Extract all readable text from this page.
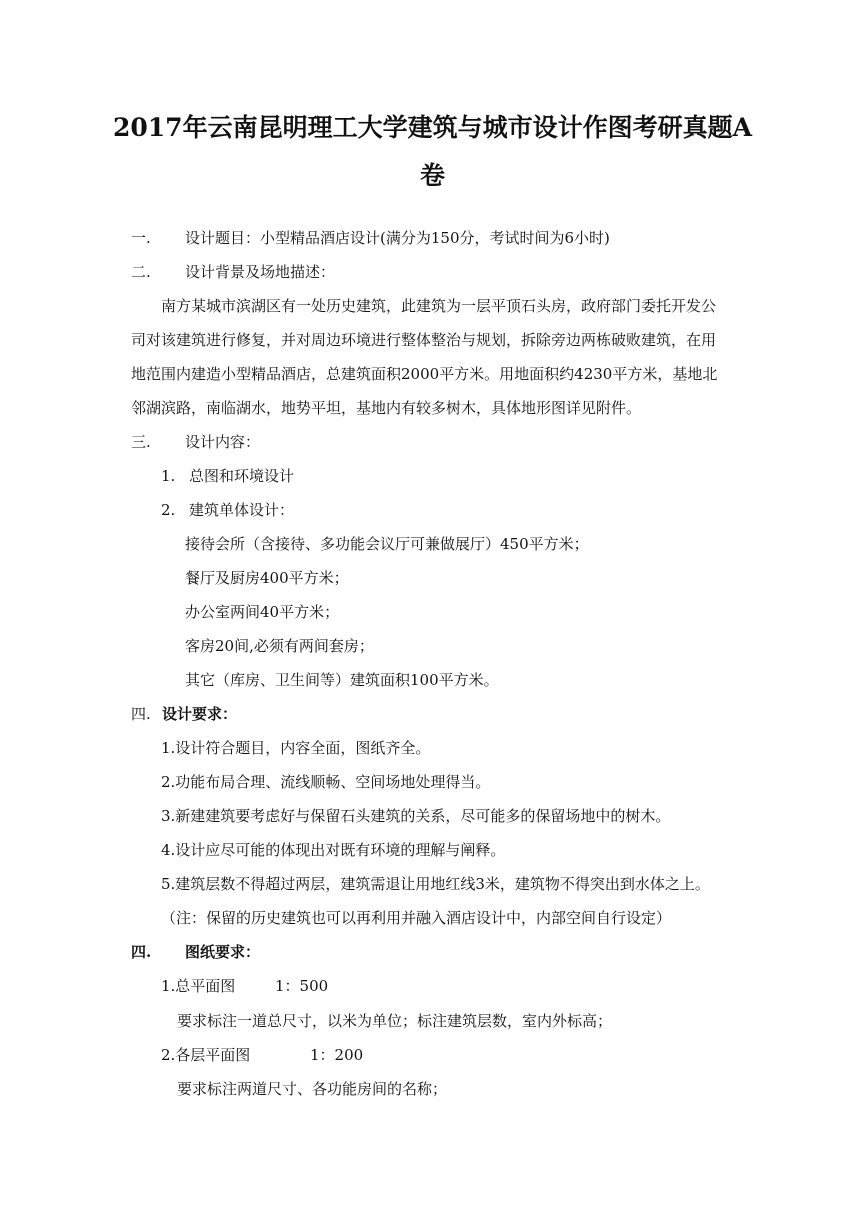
2017年云南昆明理工大学建筑与城市设计作图考研真题A
卷
一. 设计题目：小型精品酒店设计(满分为150分，考试时间为6小时)
二. 设计背景及场地描述：
南方某城市滨湖区有一处历史建筑，此建筑为一层平顶石头房，政府部门委托开发公
司对该建筑进行修复，并对周边环境进行整体整治与规划，拆除旁边两栋破败建筑，在用
地范围内建造小型精品酒店，总建筑面积2000平方米。用地面积约4230平方米，基地北
邻湖滨路，南临湖水，地势平坦，基地内有较多树木，具体地形图详见附件。
三. 设计内容：
1. 总图和环境设计
2. 建筑单体设计：
接待会所（含接待、多功能会议厅可兼做展厅）450平方米；
餐厅及厨房400平方米；
办公室两间40平方米；
客房20间,必须有两间套房；
其它（库房、卫生间等）建筑面积100平方米。
四. 设计要求：
1.设计符合题目，内容全面，图纸齐全。
2.功能布局合理、流线顺畅、空间场地处理得当。
3.新建建筑要考虑好与保留石头建筑的关系，尽可能多的保留场地中的树木。
4.设计应尽可能的体现出对既有环境的理解与阐释。
5.建筑层数不得超过两层，建筑需退让用地红线3米，建筑物不得突出到水体之上。
（注：保留的历史建筑也可以再利用并融入酒店设计中，内部空间自行设定）
四. 图纸要求：
1.总平面图	1：500
要求标注一道总尺寸，以米为单位；标注建筑层数，室内外标高；
2.各层平面图	1：200
要求标注两道尺寸、各功能房间的名称；
